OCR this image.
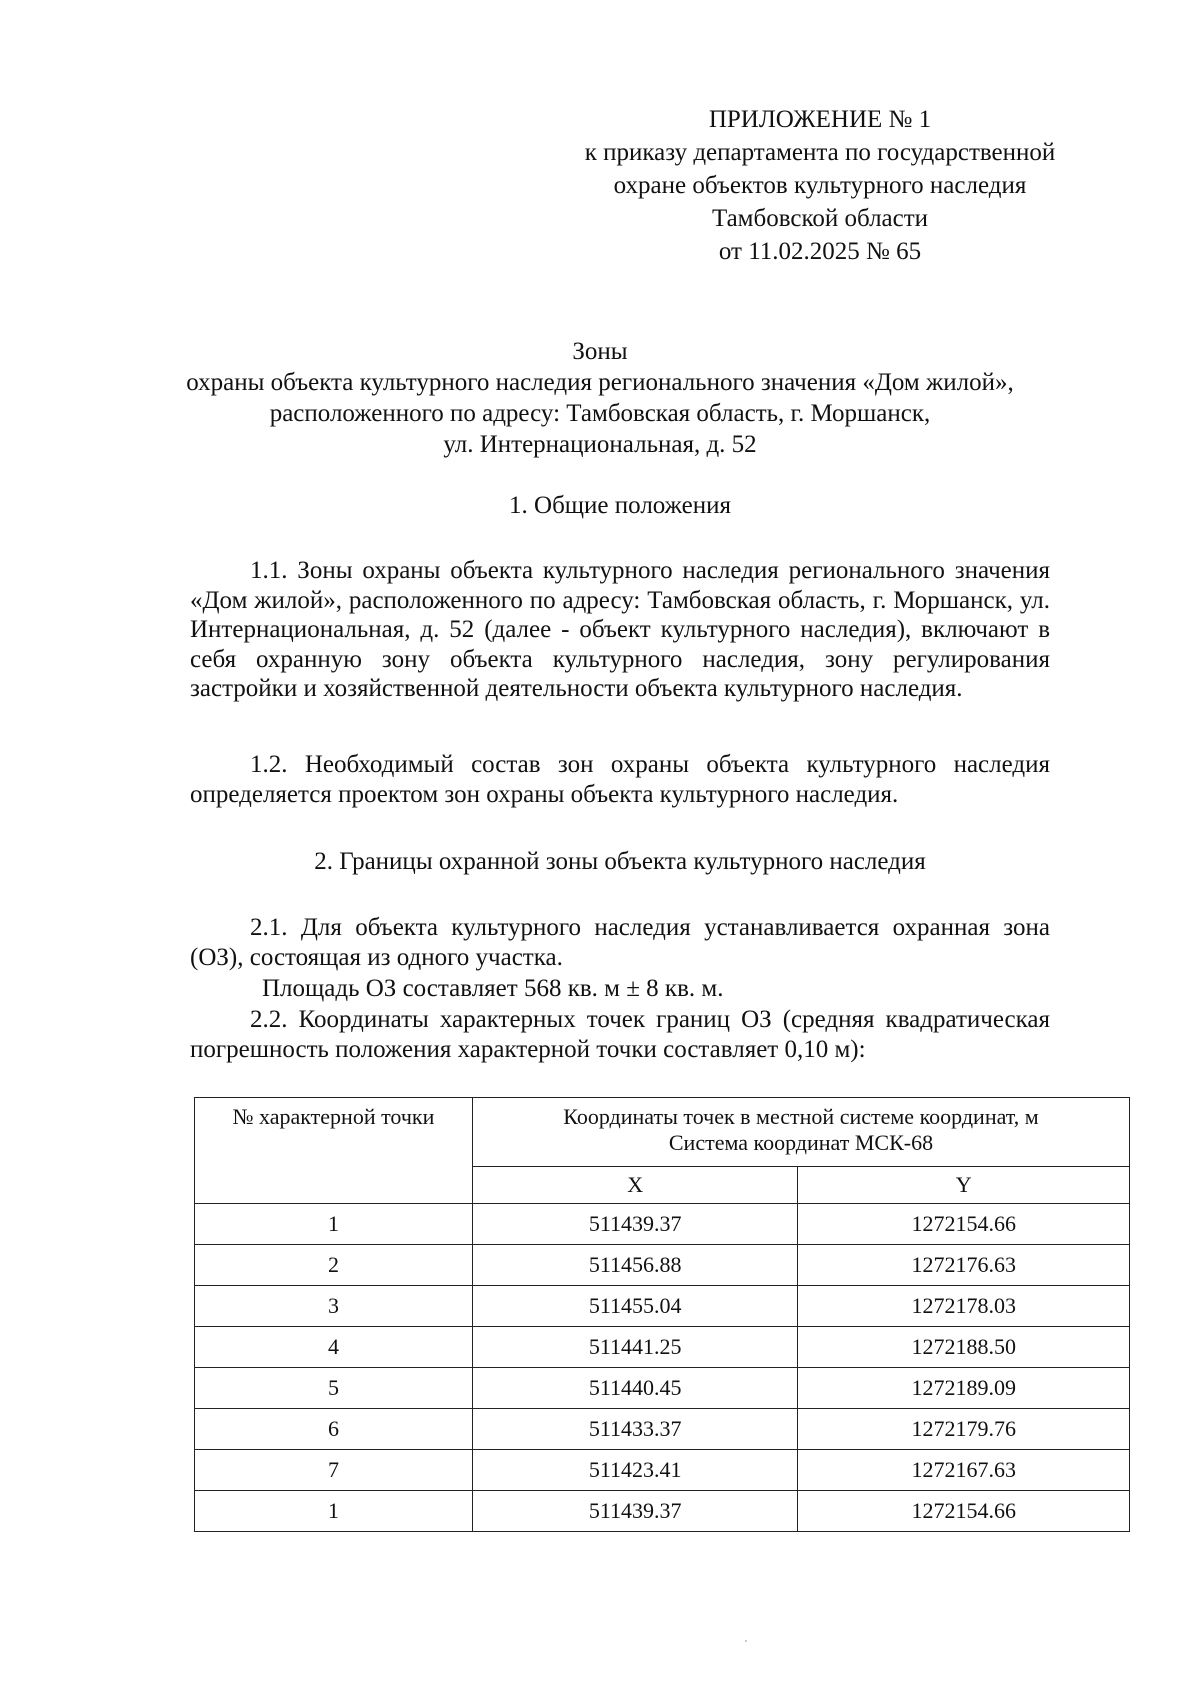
ПРИЛОЖЕНИЕ № 1
к приказу департамента по государственной
охране объектов культурного наследия
Тамбовской области
от 11.02.2025 № 65
Зоны
охраны объекта культурного наследия регионального значения «Дом жилой»,
расположенного по адресу: Тамбовская область, г. Моршанск,
ул. Интернациональная, д. 52
1. Общие положения
1.1. Зоны охраны объекта культурного наследия регионального значения «Дом жилой», расположенного по адресу: Тамбовская область, г. Моршанск, ул. Интернациональная, д. 52 (далее - объект культурного наследия), включают в себя охранную зону объекта культурного наследия, зону регулирования застройки и хозяйственной деятельности объекта культурного наследия.
1.2. Необходимый состав зон охраны объекта культурного наследия определяется проектом зон охраны объекта культурного наследия.
2. Границы охранной зоны объекта культурного наследия
2.1. Для объекта культурного наследия устанавливается охранная зона (ОЗ), состоящая из одного участка.
Площадь ОЗ составляет 568 кв. м ± 8 кв. м.
2.2. Координаты характерных точек границ ОЗ (средняя квадратическая погрешность положения характерной точки составляет 0,10 м):
№ характерной точки	Координаты точек в местной системе координат, м
Система координат МСК-68	

	X	Y
1	511439.37	1272154.66
2	511456.88	1272176.63
3	511455.04	1272178.03
4	511441.25	1272188.50
5	511440.45	1272189.09
6	511433.37	1272179.76
7	511423.41	1272167.63
1	511439.37	1272154.66
